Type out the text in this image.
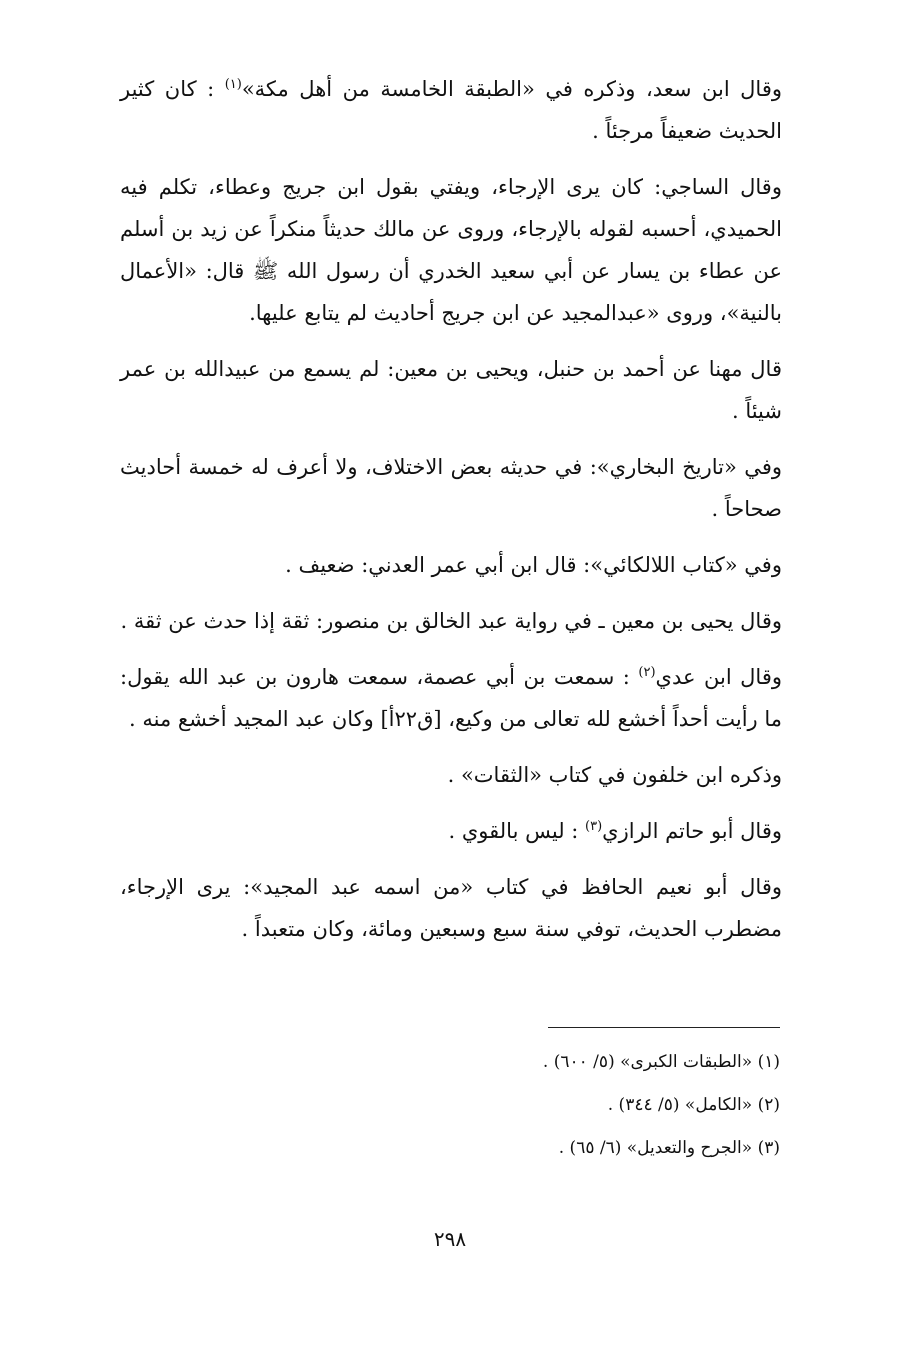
وقال ابن سعد، وذكره في «الطبقة الخامسة من أهل مكة»$^{(١)}$ : كان كثير الحديث ضعيفاً مرجئاً .

وقال الساجي: كان يرى الإرجاء، ويفتي بقول ابن جريج وعطاء، تكلم فيه الحميدي، أحسبه لقوله بالإرجاء، وروى عن مالك حديثاً منكراً عن زيد بن أسلم عن عطاء بن يسار عن أبي سعيد الخدري أن رسول الله ﷺ قال: «الأعمال بالنية»، وروى «عبدالمجيد عن ابن جريج أحاديث لم يتابع عليها.

قال مهنا عن أحمد بن حنبل، ويحيى بن معين: لم يسمع من عبيدالله بن عمر شيئاً .

وفي «تاريخ البخاري»: في حديثه بعض الاختلاف، ولا أعرف له خمسة أحاديث صحاحاً .

وفي «كتاب اللالكائي»: قال ابن أبي عمر العدني: ضعيف .

وقال يحيى بن معين ـ في رواية عبد الخالق بن منصور: ثقة إذا حدث عن ثقة .

وقال ابن عدي$^{(٢)}$ : سمعت بن أبي عصمة، سمعت هارون بن عبد الله يقول: ما رأيت أحداً أخشع لله تعالى من وكيع، [ق٢٢أ] وكان عبد المجيد أخشع منه .

وذكره ابن خلفون في كتاب «الثقات» .

وقال أبو حاتم الرازي$^{(٣)}$ : ليس بالقوي .

وقال أبو نعيم الحافظ في كتاب «من اسمه عبد المجيد»: يرى الإرجاء، مضطرب الحديث، توفي سنة سبع وسبعين ومائة، وكان متعبداً .

(١) «الطبقات الكبرى» (٥/ ٦٠٠) .

(٢) «الكامل» (٥/ ٣٤٤) .

(٣) «الجرح والتعديل» (٦/ ٦٥) .

٢٩٨
